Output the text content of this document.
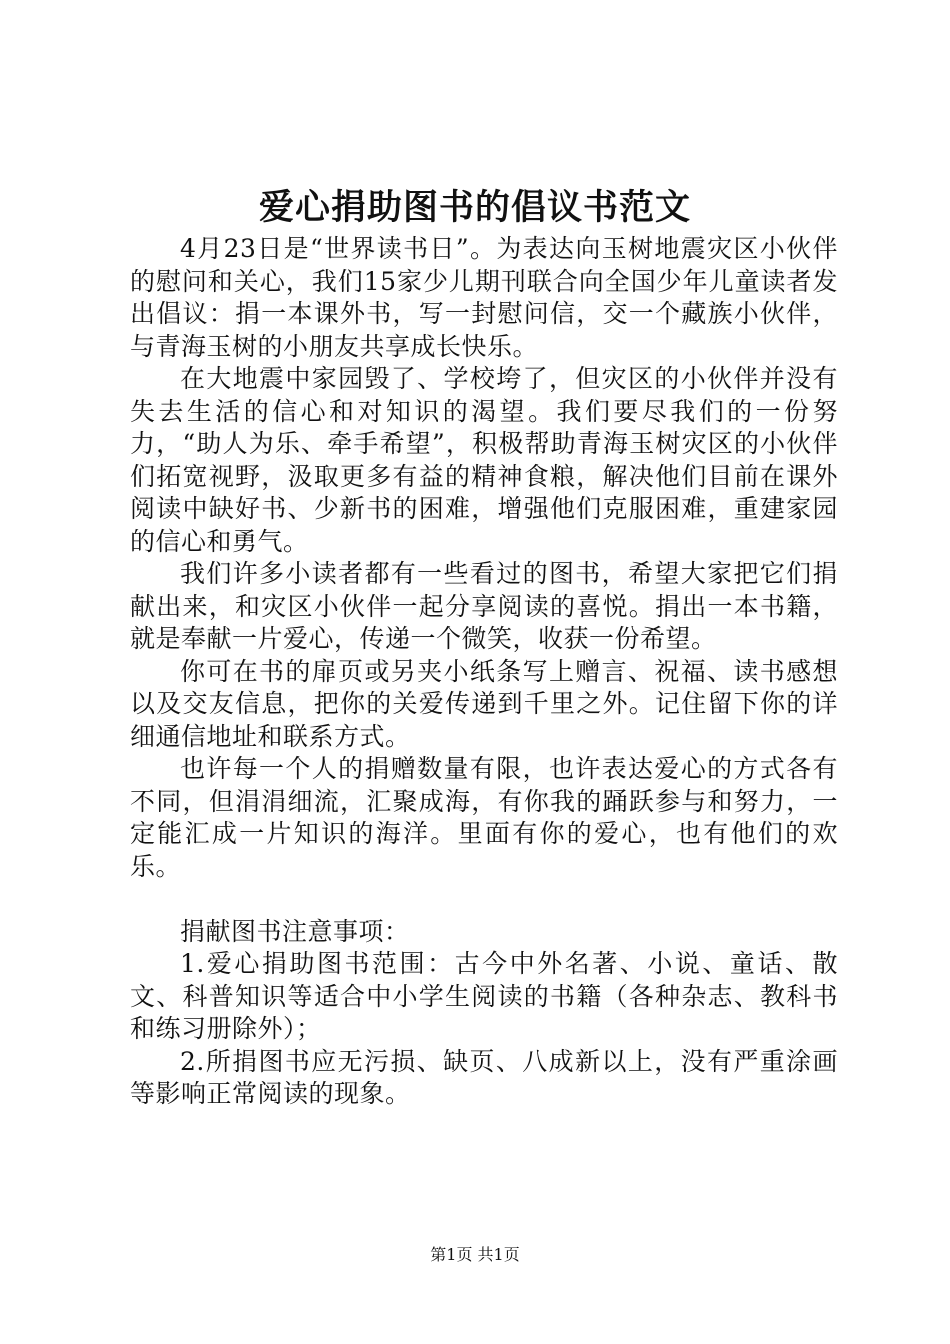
爱心捐助图书的倡议书范文

4月23日是“世界读书日”。为表达向玉树地震灾区小伙伴的慰问和关心，我们15家少儿期刊联合向全国少年儿童读者发出倡议：捐一本课外书，写一封慰问信，交一个藏族小伙伴，与青海玉树的小朋友共享成长快乐。

在大地震中家园毁了、学校垮了，但灾区的小伙伴并没有失去生活的信心和对知识的渴望。我们要尽我们的一份努力，“助人为乐、牵手希望”，积极帮助青海玉树灾区的小伙伴们拓宽视野，汲取更多有益的精神食粮，解决他们目前在课外阅读中缺好书、少新书的困难，增强他们克服困难，重建家园的信心和勇气。

我们许多小读者都有一些看过的图书，希望大家把它们捐献出来，和灾区小伙伴一起分享阅读的喜悦。捐出一本书籍，就是奉献一片爱心，传递一个微笑，收获一份希望。

你可在书的扉页或另夹小纸条写上赠言、祝福、读书感想以及交友信息，把你的关爱传递到千里之外。记住留下你的详细通信地址和联系方式。

也许每一个人的捐赠数量有限，也许表达爱心的方式各有不同，但涓涓细流，汇聚成海，有你我的踊跃参与和努力，一定能汇成一片知识的海洋。里面有你的爱心，也有他们的欢乐。

捐献图书注意事项：

1.爱心捐助图书范围：古今中外名著、小说、童话、散文、科普知识等适合中小学生阅读的书籍（各种杂志、教科书和练习册除外）；

2.所捐图书应无污损、缺页、八成新以上，没有严重涂画等影响正常阅读的现象。

第1页 共1页
